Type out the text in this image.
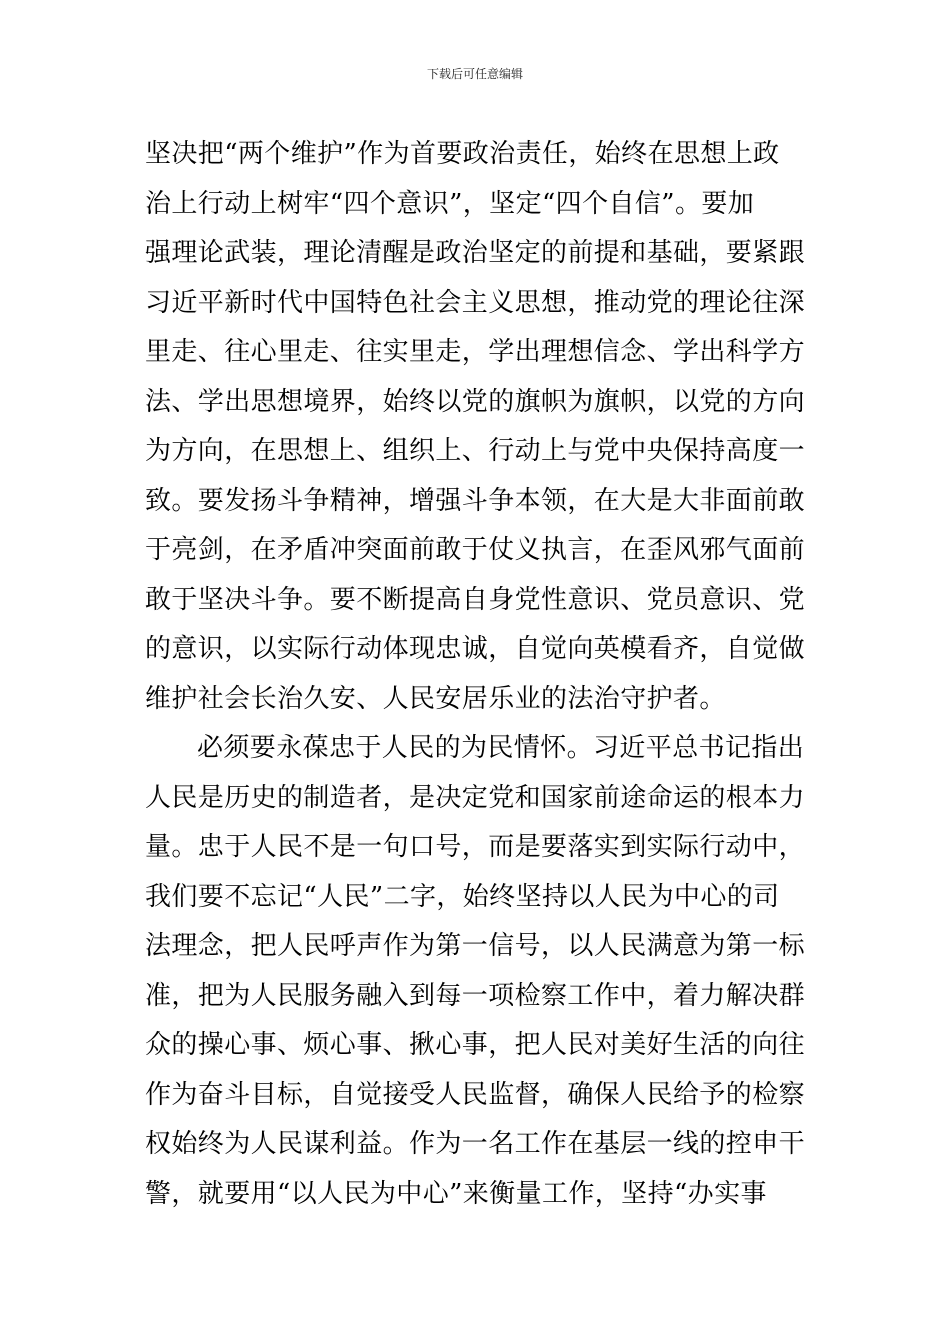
下载后可任意编辑
坚决把“两个维护”作为首要政治责任，始终在思想上政
治上行动上树牢“四个意识”，坚定“四个自信”。要加
强理论武装，理论清醒是政治坚定的前提和基础，要紧跟
习近平新时代中国特色社会主义思想，推动党的理论往深
里走、往心里走、往实里走，学出理想信念、学出科学方
法、学出思想境界，始终以党的旗帜为旗帜，以党的方向
为方向，在思想上、组织上、行动上与党中央保持高度一
致。要发扬斗争精神，增强斗争本领，在大是大非面前敢
于亮剑，在矛盾冲突面前敢于仗义执言，在歪风邪气面前
敢于坚决斗争。要不断提高自身党性意识、党员意识、党
的意识，以实际行动体现忠诚，自觉向英模看齐，自觉做
维护社会长治久安、人民安居乐业的法治守护者。
必须要永葆忠于人民的为民情怀。习近平总书记指出
人民是历史的制造者，是决定党和国家前途命运的根本力
量。忠于人民不是一句口号，而是要落实到实际行动中，
我们要不忘记“人民”二字，始终坚持以人民为中心的司
法理念，把人民呼声作为第一信号，以人民满意为第一标
准，把为人民服务融入到每一项检察工作中，着力解决群
众的操心事、烦心事、揪心事，把人民对美好生活的向往
作为奋斗目标，自觉接受人民监督，确保人民给予的检察
权始终为人民谋利益。作为一名工作在基层一线的控申干
警，就要用“以人民为中心”来衡量工作，坚持“办实事
